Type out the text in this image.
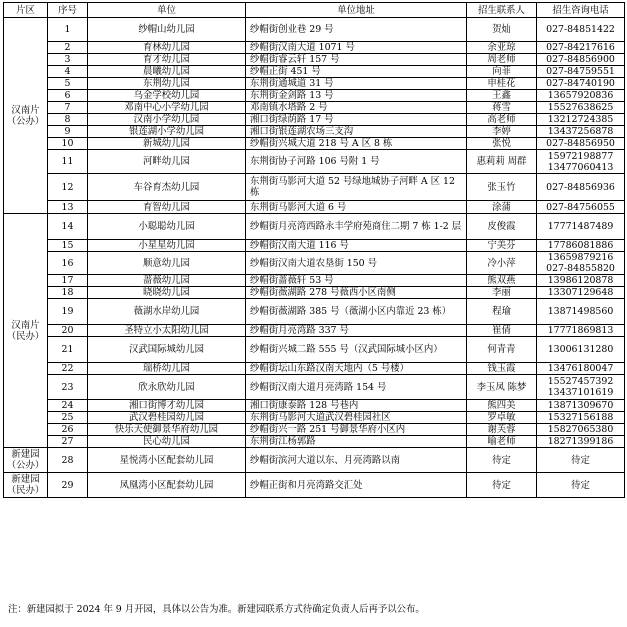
片区	序号	单位	单位地址	招生联系人	招生咨询电话
汉南片（公办）	1	纱帽山幼儿园	纱帽街创业巷 29 号	贺灿	027-84851422
	2	育林幼儿园	纱帽街汉南大道 1071 号	余亚琼	027-84217616
	3	育才幼儿园	纱帽街睿云轩 157 号	周老师	027-84856900
	4	晨曦幼儿园	纱帽正街 451 号	向菲	027-84759551
	5	东荆幼儿园	东荆街通城道 31 号	申桂花	027-84740190
	6	乌金学校幼儿园	东荆街金剑路 13 号	王鑫	13657920836
	7	邓南中心小学幼儿园	邓南镇水塔路 2 号	蒋雪	15527638625
	8	汉南小学幼儿园	湘口街绿荫路 17 号	高老师	13212724385
	9	银莲湖小学幼儿园	湘口街银莲湖农场三支沟	李婷	13437256878
	10	新城幼儿园	纱帽街兴城大道 218 号 A 区 8 栋	张悦	027-84856950
	11	河畔幼儿园	东荆街协子河路 106 号附 1 号	惠莉莉 周群	15972198877 13477060413
	12	车谷育杰幼儿园	东荆街马影河大道 52 号绿地城协子河畔 A 区 12 栋	张玉竹	027-84856936
	13	育智幼儿园	东荆街马影河大道 6 号	涂蒲	027-84756055
汉南片（民办）	14	小聪聪幼儿园	纱帽街月亮湾西路永丰学府苑商住二期 7 栋 1-2 层	皮俊霞	17771487489
	15	小星星幼儿园	纱帽街汉南大道 116 号	宁美芬	17786081886
	16	顺意幼儿园	纱帽街汉南大道农垦街 150 号	冷小萍	13659879216 027-84855820
	17	蔷薇幼儿园	纱帽街蔷薇轩 53 号	熊双燕	13986120878
	18	晓晓幼儿园	纱帽街薇湖路 278 号薇西小区南侧	李丽	13307129648
	19	薇湖水岸幼儿园	纱帽街薇湖路 385 号（薇湖小区内靠近 23 栋）	程瑜	13871498560
	20	圣特立小太阳幼儿园	纱帽街月亮湾路 337 号	崔倩	17771869813
	21	汉武国际城幼儿园	纱帽街兴城二路 555 号（汉武国际城小区内）	何青青	13006131280
	22	瑞桥幼儿园	纱帽街坛山东路汉南天地内（5 号楼）	钱玉霞	13476180047
	23	欣永欣幼儿园	纱帽街汉南大道月亮湾路 154 号	李玉凤 陈梦	15527457392 13437101619
	24	湘口街博才幼儿园	湘口街康泰路 128 号巷内	熊四美	13871309670
	25	武汉碧桂园幼儿园	东荆街马影河大道武汉碧桂园社区	罗卓敏	15327156188
	26	快乐天使御景华府幼儿园	纱帽街兴一路 251 号御景华府小区内	谢芙蓉	15827065380
	27	民心幼儿园	东荆街江杨郭路	喻老师	18271399186
新建园（公办）	28	星悦湾小区配套幼儿园	纱帽街滨河大道以东、月亮湾路以南	待定	待定
新建园（民办）	29	凤凰湾小区配套幼儿园	纱帽正街和月亮湾路交汇处	待定	待定
注：新建园拟于 2024 年 9 月开园，具体以公告为准。新建园联系方式待确定负责人后再予以公布。
